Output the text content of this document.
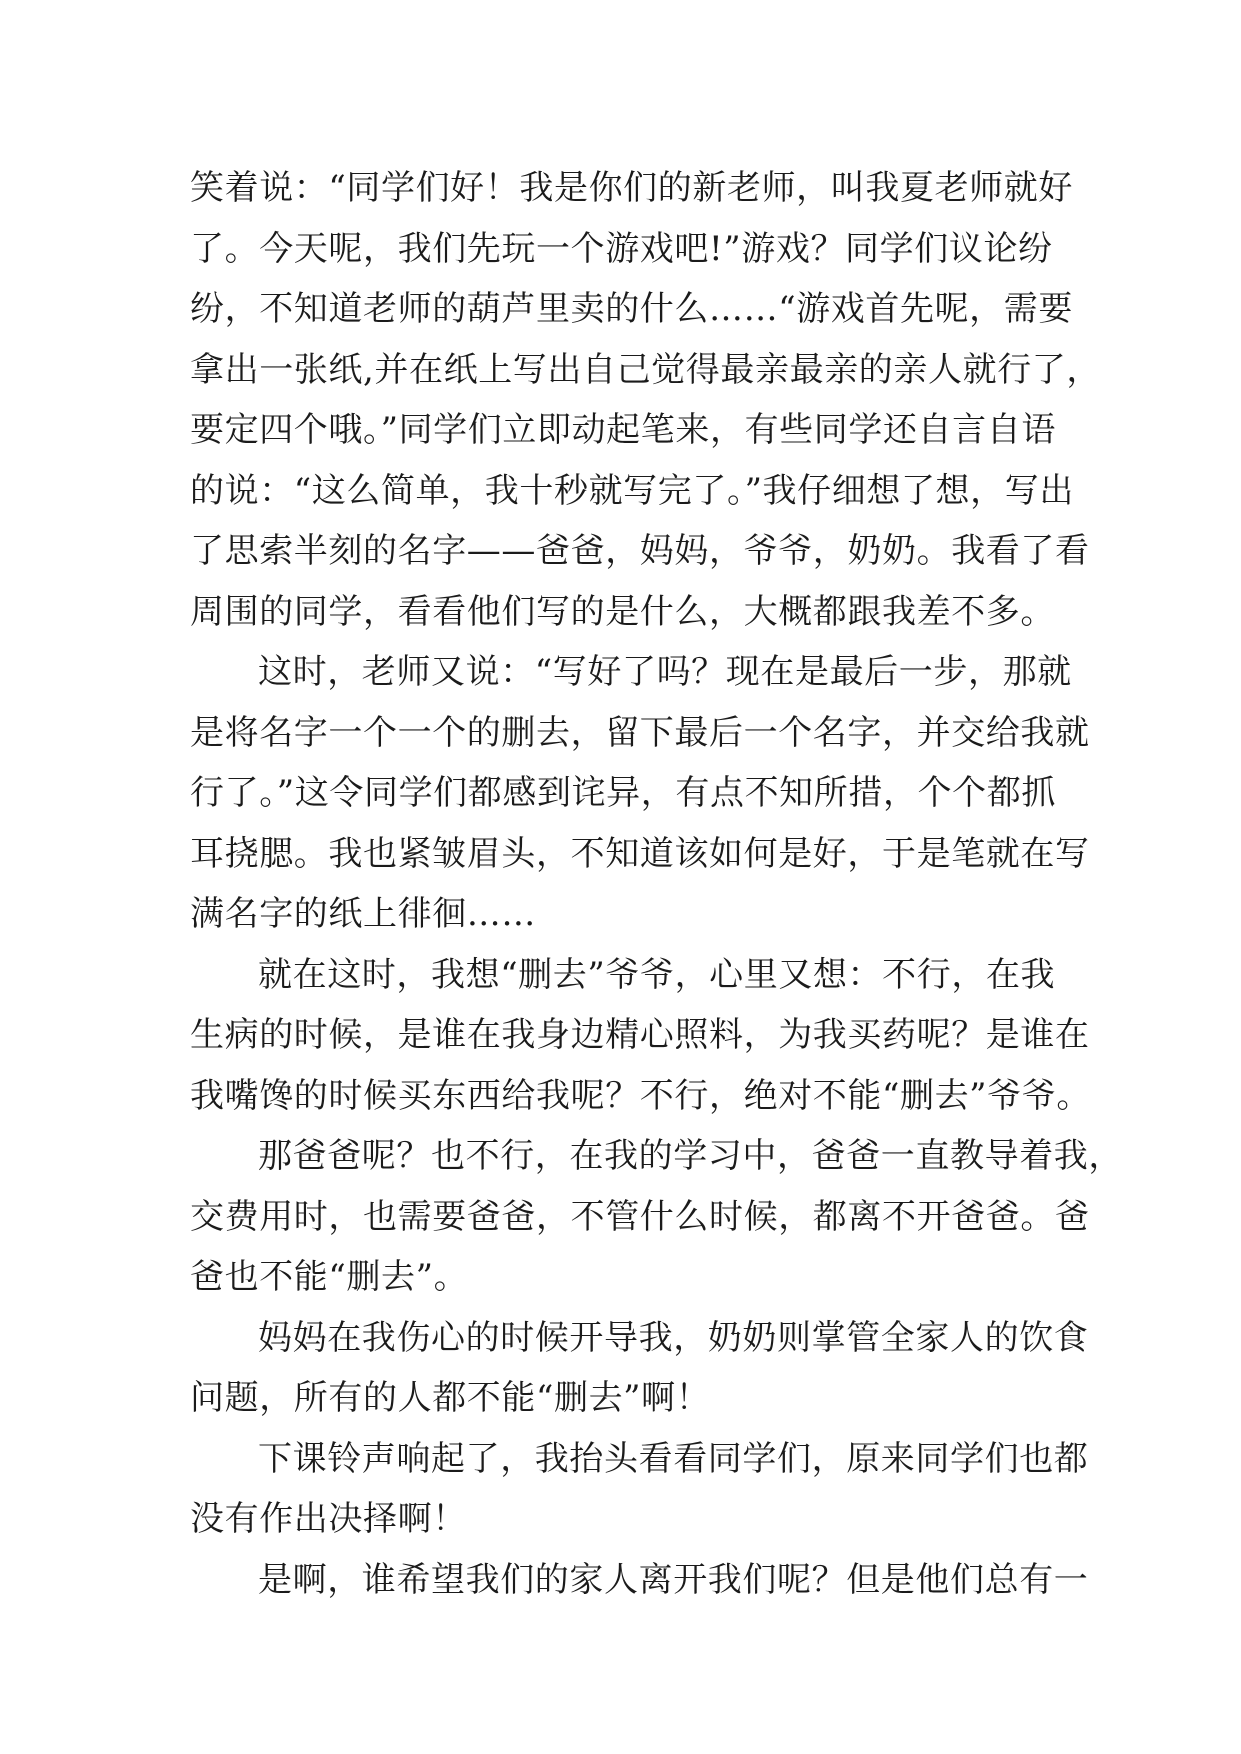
笑着说：“同学们好！我是你们的新老师，叫我夏老师就好
了。今天呢，我们先玩一个游戏吧!”游戏？同学们议论纷
纷，不知道老师的葫芦里卖的什么……“游戏首先呢，需要
拿出一张纸,并在纸上写出自己觉得最亲最亲的亲人就行了，
要定四个哦。”同学们立即动起笔来，有些同学还自言自语
的说：“这么简单，我十秒就写完了。”我仔细想了想，写出
了思索半刻的名字——爸爸，妈妈，爷爷，奶奶。我看了看
周围的同学，看看他们写的是什么，大概都跟我差不多。
这时，老师又说：“写好了吗？现在是最后一步，那就
是将名字一个一个的删去，留下最后一个名字，并交给我就
行了。”这令同学们都感到诧异，有点不知所措，个个都抓
耳挠腮。我也紧皱眉头，不知道该如何是好，于是笔就在写
满名字的纸上徘徊……
就在这时，我想“删去”爷爷，心里又想：不行，在我
生病的时候，是谁在我身边精心照料，为我买药呢？是谁在
我嘴馋的时候买东西给我呢？不行，绝对不能“删去”爷爷。
那爸爸呢？也不行，在我的学习中，爸爸一直教导着我，
交费用时，也需要爸爸，不管什么时候，都离不开爸爸。爸
爸也不能“删去”。
妈妈在我伤心的时候开导我，奶奶则掌管全家人的饮食
问题，所有的人都不能“删去”啊！
下课铃声响起了，我抬头看看同学们，原来同学们也都
没有作出决择啊！
是啊，谁希望我们的家人离开我们呢？但是他们总有一
